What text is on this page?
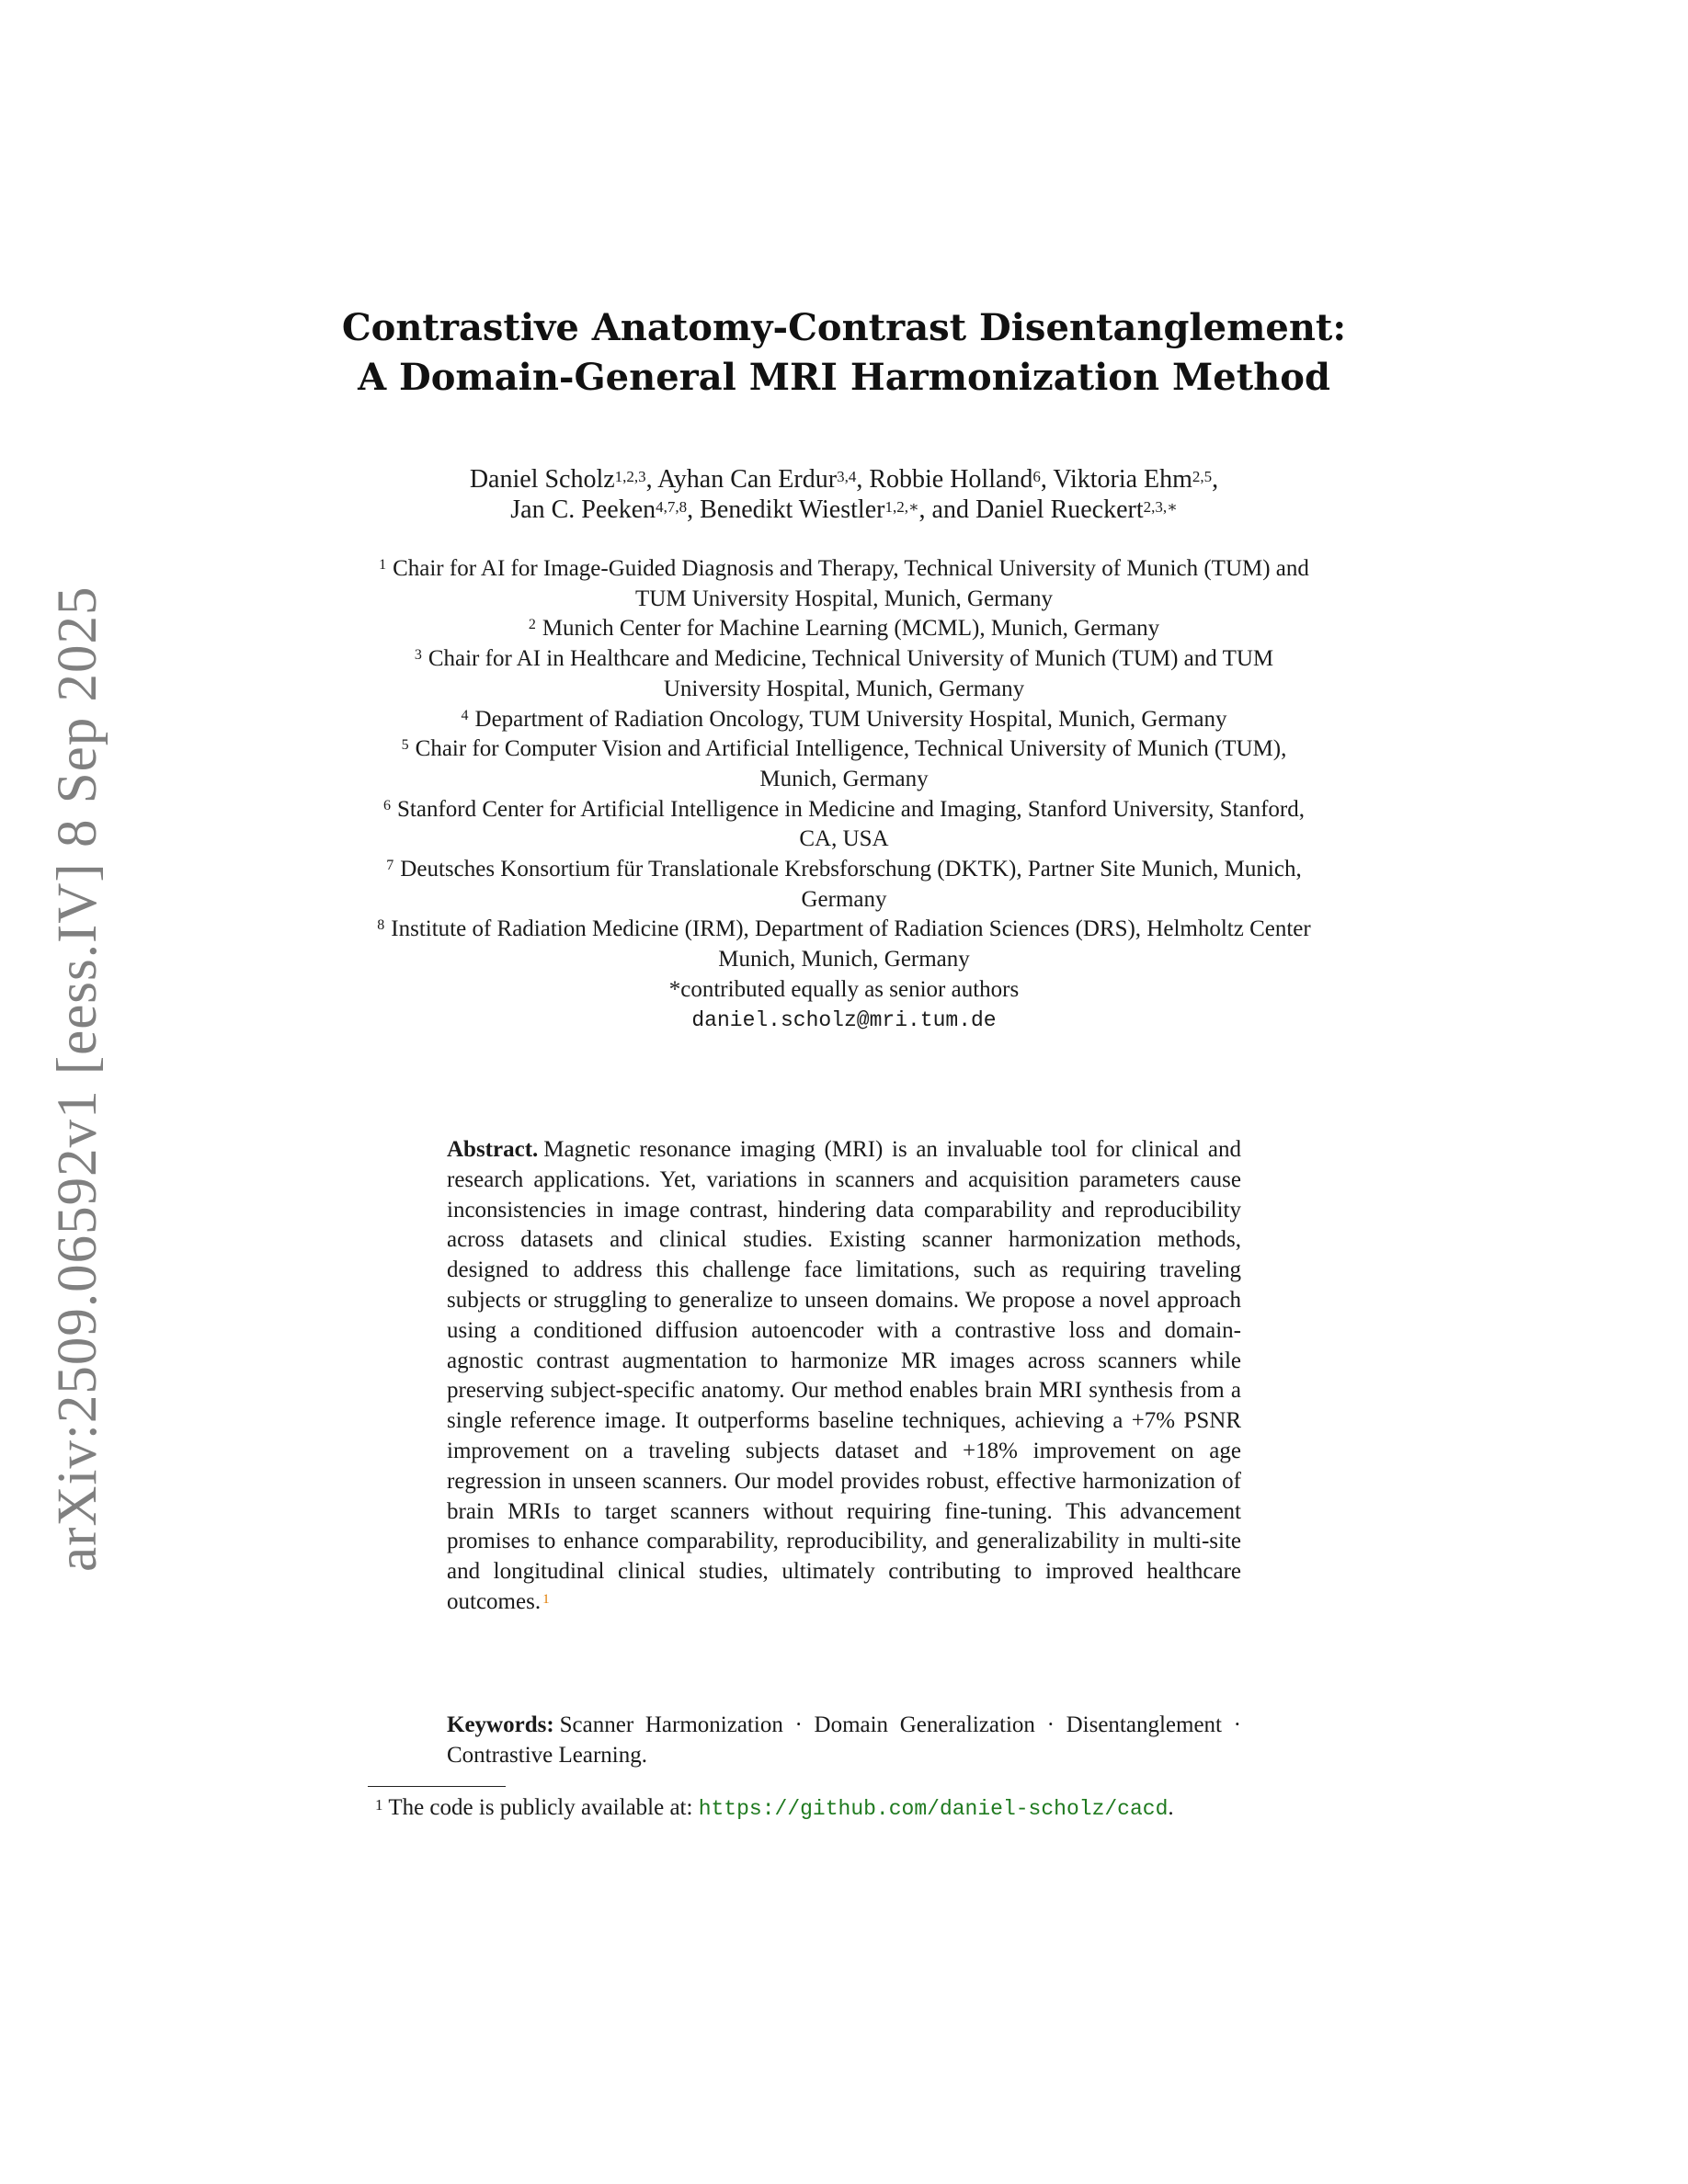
arXiv:2509.06592v1 [eess.IV] 8 Sep 2025
Contrastive Anatomy-Contrast Disentanglement:
A Domain-General MRI Harmonization Method
Daniel Scholz$^{1,2,3}$, Ayhan Can Erdur$^{3,4}$, Robbie Holland$^6$, Viktoria Ehm$^{2,5}$,
Jan C. Peeken$^{4,7,8}$, Benedikt Wiestler$^{1,2,∗}$, and Daniel Rueckert$^{2,3,∗}$
$^1$ Chair for AI for Image-Guided Diagnosis and Therapy, Technical University of Munich (TUM) and TUM University Hospital, Munich, Germany
$^2$ Munich Center for Machine Learning (MCML), Munich, Germany
$^3$ Chair for AI in Healthcare and Medicine, Technical University of Munich (TUM) and TUM University Hospital, Munich, Germany
$^4$ Department of Radiation Oncology, TUM University Hospital, Munich, Germany
$^5$ Chair for Computer Vision and Artificial Intelligence, Technical University of Munich (TUM), Munich, Germany
$^6$ Stanford Center for Artificial Intelligence in Medicine and Imaging, Stanford University, Stanford, CA, USA
$^7$ Deutsches Konsortium für Translationale Krebsforschung (DKTK), Partner Site Munich, Munich, Germany
$^8$ Institute of Radiation Medicine (IRM), Department of Radiation Sciences (DRS), Helmholtz Center Munich, Munich, Germany
*contributed equally as senior authors
daniel.scholz@mri.tum.de
Abstract. Magnetic resonance imaging (MRI) is an invaluable tool for clinical and research applications. Yet, variations in scanners and acquisition parameters cause inconsistencies in image contrast, hindering data comparability and reproducibility across datasets and clinical studies. Existing scanner harmonization methods, designed to address this challenge face limitations, such as requiring traveling subjects or struggling to generalize to unseen domains. We propose a novel approach using a conditioned diffusion autoencoder with a contrastive loss and domain-agnostic contrast augmentation to harmonize MR images across scanners while preserving subject-specific anatomy. Our method enables brain MRI synthesis from a single reference image. It outperforms baseline techniques, achieving a +7% PSNR improvement on a traveling subjects dataset and +18% improvement on age regression in unseen scanners. Our model provides robust, effective harmonization of brain MRIs to target scanners without requiring fine-tuning. This advancement promises to enhance comparability, reproducibility, and generalizability in multi-site and longitudinal clinical studies, ultimately contributing to improved healthcare outcomes. $^1$
Keywords: Scanner Harmonization · Domain Generalization · Disentanglement · Contrastive Learning.
$^1$ The code is publicly available at: https://github.com/daniel-scholz/cacd.
